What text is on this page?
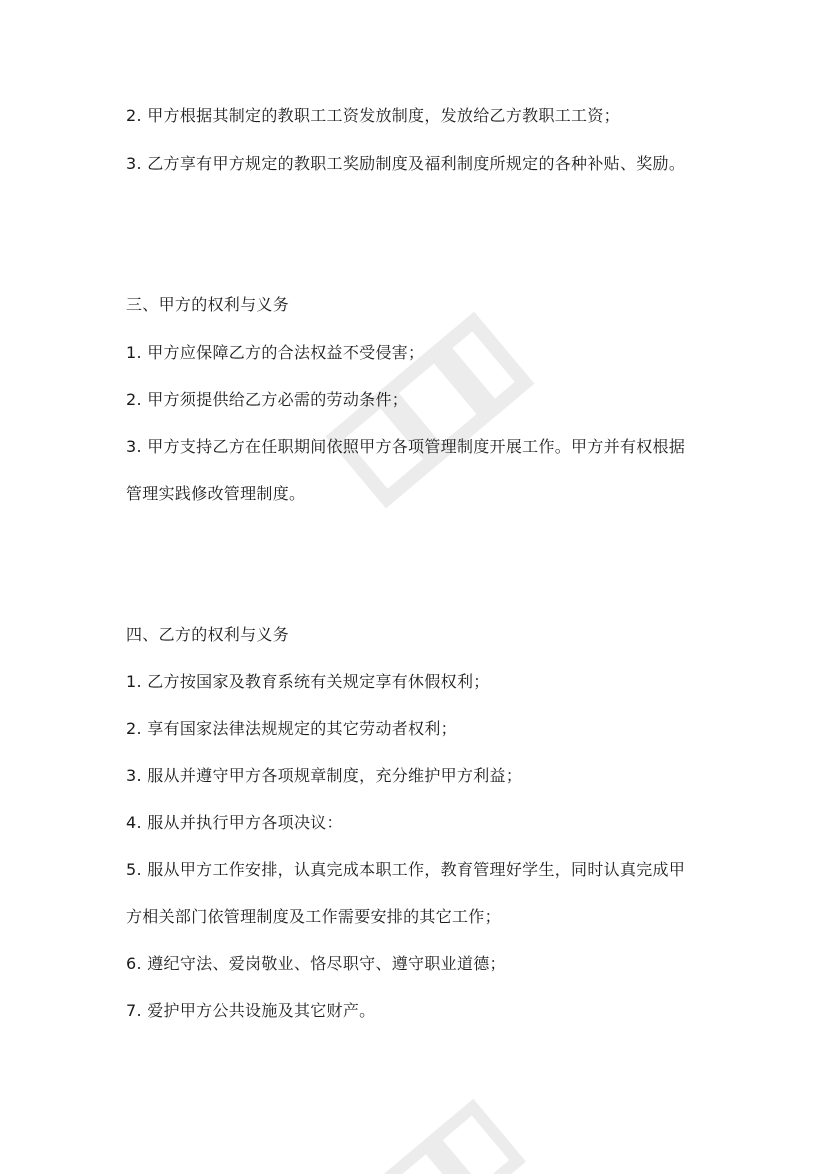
2. 甲方根据其制定的教职工工资发放制度，发放给乙方教职工工资；
3. 乙方享有甲方规定的教职工奖励制度及福利制度所规定的各种补贴、奖励。
三、甲方的权利与义务
1. 甲方应保障乙方的合法权益不受侵害；
2. 甲方须提供给乙方必需的劳动条件；
3. 甲方支持乙方在任职期间依照甲方各项管理制度开展工作。甲方并有权根据
管理实践修改管理制度。
四、乙方的权利与义务
1. 乙方按国家及教育系统有关规定享有休假权利；
2. 享有国家法律法规规定的其它劳动者权利；
3. 服从并遵守甲方各项规章制度，充分维护甲方利益；
4. 服从并执行甲方各项决议：
5. 服从甲方工作安排，认真完成本职工作，教育管理好学生，同时认真完成甲
方相关部门依管理制度及工作需要安排的其它工作；
6. 遵纪守法、爱岗敬业、恪尽职守、遵守职业道德；
7. 爱护甲方公共设施及其它财产。
